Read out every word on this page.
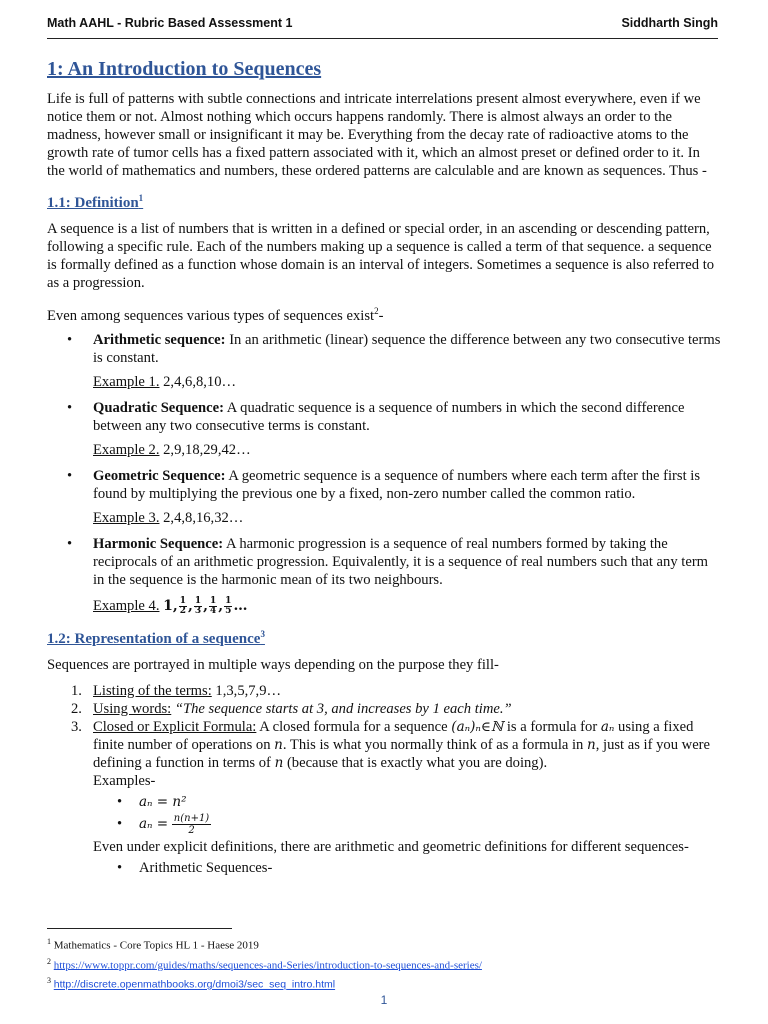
Math AAHL - Rubric Based Assessment 1	Siddharth Singh
1: An Introduction to Sequences

Life is full of patterns with subtle connections and intricate interrelations present almost everywhere, even if we notice them or not. Almost nothing which occurs happens randomly. There is almost always an order to the madness, however small or insignificant it may be. Everything from the decay rate of radioactive atoms to the growth rate of tumor cells has a fixed pattern associated with it, which an almost preset or defined order to it. In the world of mathematics and numbers, these ordered patterns are calculable and are known as sequences. Thus -

1.1: Definition$^1$

A sequence is a list of numbers that is written in a defined or special order, in an ascending or descending pattern, following a specific rule. Each of the numbers making up a sequence is called a term of that sequence. a sequence is formally defined as a function whose domain is an interval of integers. Sometimes a sequence is also referred to as a progression.

Even among sequences various types of sequences exist$^2$-

• Arithmetic sequence: In an arithmetic (linear) sequence the difference between any two consecutive terms is constant.
Example 1. 2,4,6,8,10…
• Quadratic Sequence: A quadratic sequence is a sequence of numbers in which the second difference between any two consecutive terms is constant.
Example 2. 2,9,18,29,42…
• Geometric Sequence: A geometric sequence is a sequence of numbers where each term after the first is found by multiplying the previous one by a fixed, non-zero number called the common ratio.
Example 3. 2,4,8,16,32…
• Harmonic Sequence: A harmonic progression is a sequence of real numbers formed by taking the reciprocals of an arithmetic progression. Equivalently, it is a sequence of real numbers such that any term in the sequence is the harmonic mean of its two neighbours.
Example 4. 1, $\frac{1}{2}$ , $\frac{1}{3}$ , $\frac{1}{4}$ , $\frac{1}{5}$ …
1.2: Representation of a sequence$^3$

Sequences are portrayed in multiple ways depending on the purpose they fill-

1. Listing of the terms: 1,3,5,7,9…
2. Using words: “The sequence starts at 3, and increases by 1 each time.”
3. Closed or Explicit Formula: A closed formula for a sequence (aₙ)ₙ∈ℕ is a formula for aₙ using a fixed finite number of operations on n. This is what you normally think of as a formula in n, just as if you were defining a function in terms of n (because that is exactly what you are doing).
Examples-
• aₙ = n²
• $a_n = \frac{n(n+1)}{2}$
Even under explicit definitions, there are arithmetic and geometric definitions for different sequences-
• Arithmetic Sequences-
$^1$ Mathematics - Core Topics HL 1 - Haese 2019
$^2$ https://www.toppr.com/guides/maths/sequences-and-Series/introduction-to-sequences-and-series/
$^3$ http://discrete.openmathbooks.org/dmoi3/sec_seq_intro.html
1
